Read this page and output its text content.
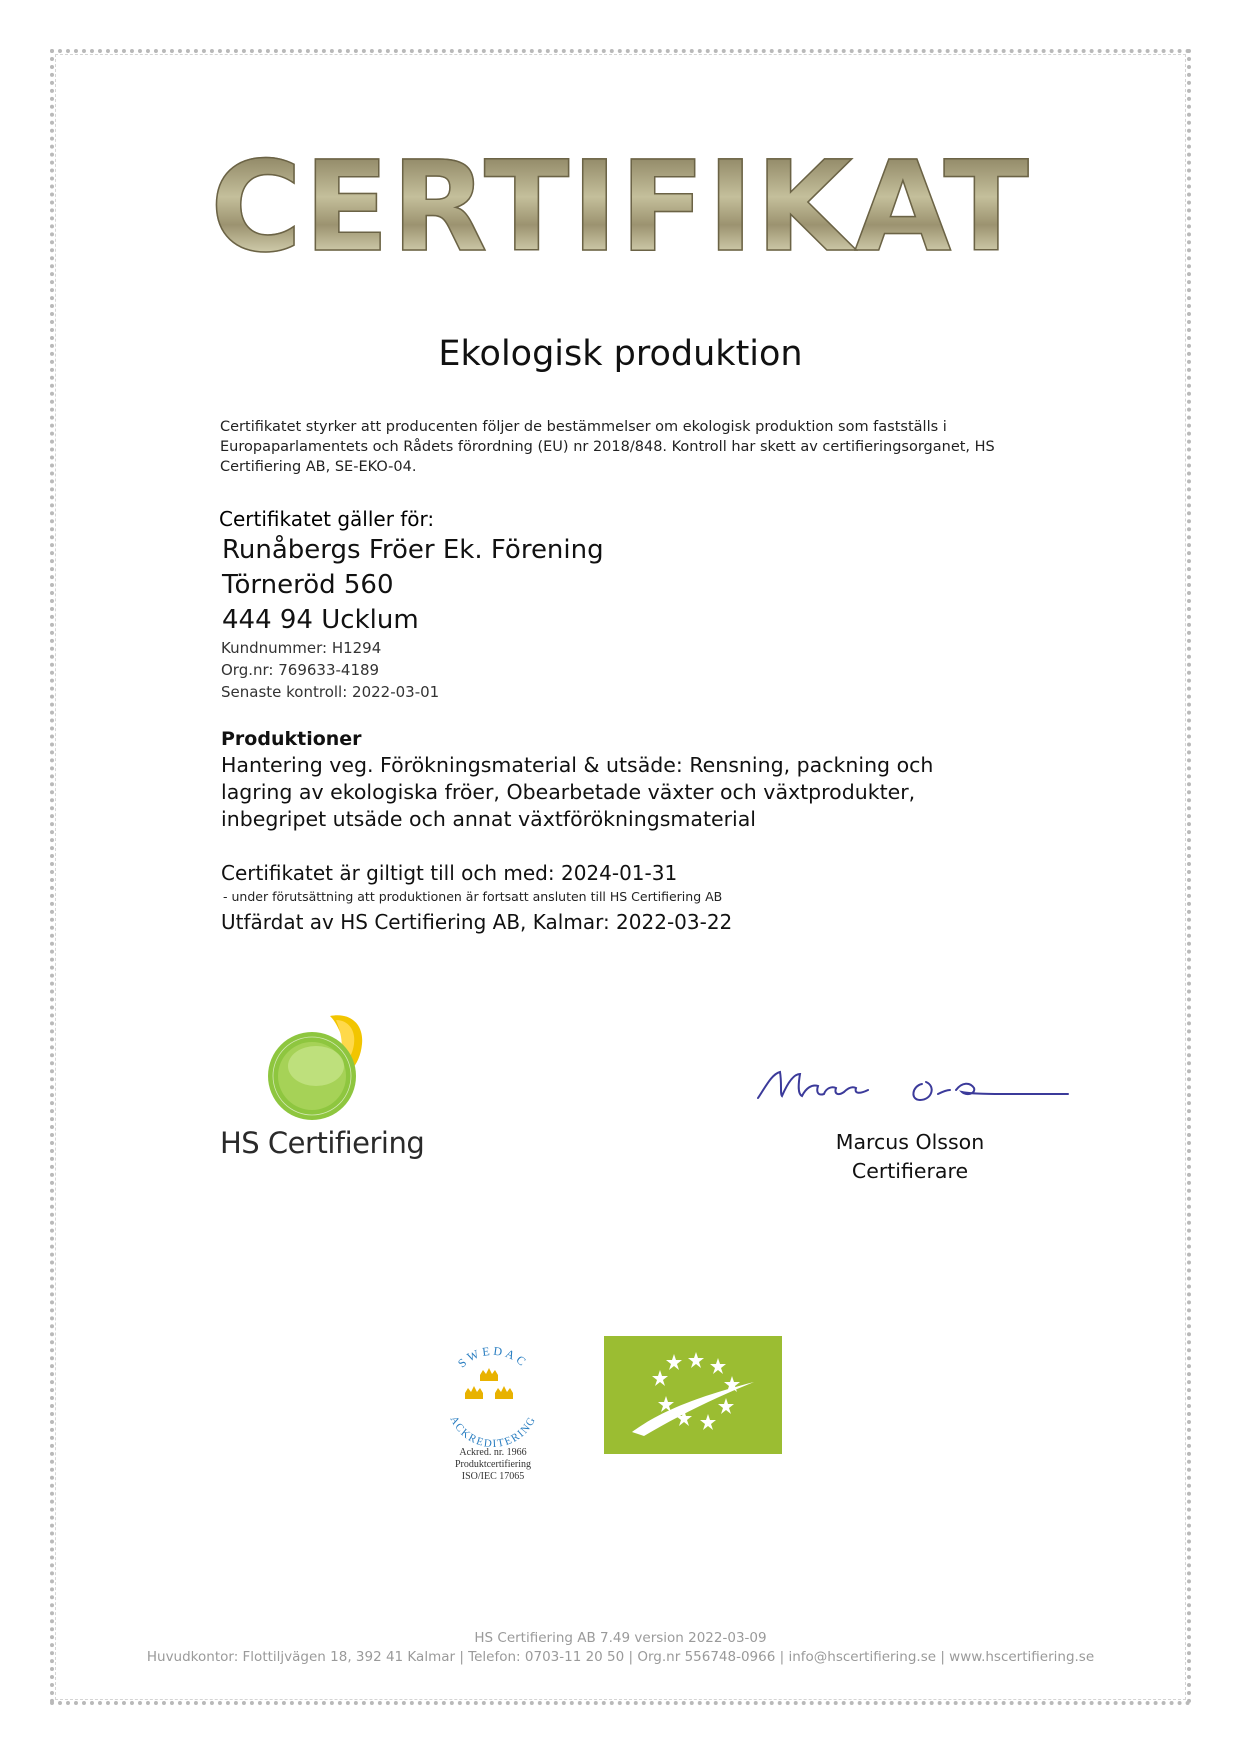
CERTIFIKAT
Ekologisk produktion

Certifikatet styrker att producenten följer de bestämmelser om ekologisk produktion som fastställs i Europaparlamentets och Rådets förordning (EU) nr 2018/848. Kontroll har skett av certifieringsorganet, HS Certifiering AB, SE-EKO-04.

Certifikatet gäller för:
Runåbergs Fröer Ek. Förening
Törneröd 560
444 94 Ucklum
Kundnummer: H1294
Org.nr: 769633-4189
Senaste kontroll: 2022-03-01
Produktioner

Hantering veg. Förökningsmaterial & utsäde: Rensning, packning och lagring av ekologiska fröer, Obearbetade växter och växtprodukter, inbegripet utsäde och annat växtförökningsmaterial

Certifikatet är giltigt till och med: 2024-01-31
- under förutsättning att produktionen är fortsatt ansluten till HS Certifiering AB
Utfärdat av HS Certifiering AB, Kalmar: 2022-03-22
HS Certifiering	Marcus Olsson
Certifierare
SWEDAC
ACKREDITERING
Ackred. nr. 1966
Produktcertifiering
ISO/IEC 17065
HS Certifiering AB 7.49 version 2022-03-09
Huvudkontor: Flottiljvägen 18, 392 41 Kalmar | Telefon: 0703-11 20 50 | Org.nr 556748-0966 | info@hscertifiering.se | www.hscertifiering.se
